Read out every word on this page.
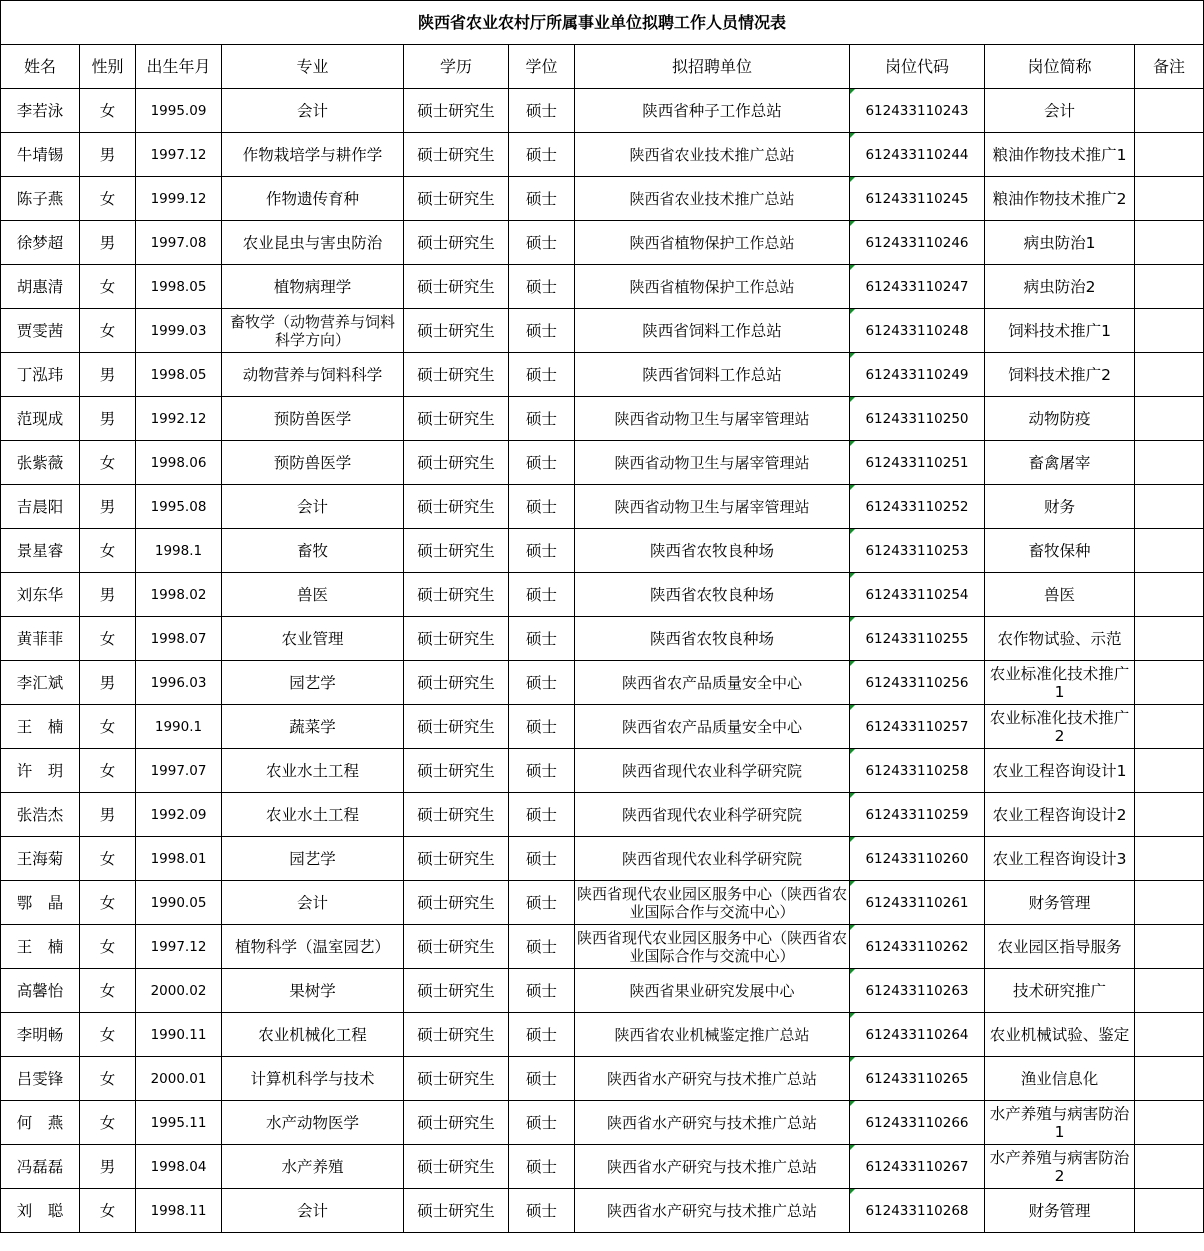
陕西省农业农村厅所属事业单位拟聘工作人员情况表									
姓名	性别	出生年月	专业	学历	学位	拟招聘单位	岗位代码	岗位简称	备注
李若泳	女	1995.09	会计	硕士研究生	硕士	陕西省种子工作总站	612433110243	会计	
牛埥锡	男	1997.12	作物栽培学与耕作学	硕士研究生	硕士	陕西省农业技术推广总站	612433110244	粮油作物技术推广1	
陈子燕	女	1999.12	作物遗传育种	硕士研究生	硕士	陕西省农业技术推广总站	612433110245	粮油作物技术推广2	
徐梦超	男	1997.08	农业昆虫与害虫防治	硕士研究生	硕士	陕西省植物保护工作总站	612433110246	病虫防治1	
胡惠清	女	1998.05	植物病理学	硕士研究生	硕士	陕西省植物保护工作总站	612433110247	病虫防治2	
贾雯茜	女	1999.03	畜牧学（动物营养与饲料科学方向）	硕士研究生	硕士	陕西省饲料工作总站	612433110248	饲料技术推广1	
丁泓玮	男	1998.05	动物营养与饲料科学	硕士研究生	硕士	陕西省饲料工作总站	612433110249	饲料技术推广2	
范现成	男	1992.12	预防兽医学	硕士研究生	硕士	陕西省动物卫生与屠宰管理站	612433110250	动物防疫	
张紫薇	女	1998.06	预防兽医学	硕士研究生	硕士	陕西省动物卫生与屠宰管理站	612433110251	畜禽屠宰	
吉晨阳	男	1995.08	会计	硕士研究生	硕士	陕西省动物卫生与屠宰管理站	612433110252	财务	
景星睿	女	1998.1	畜牧	硕士研究生	硕士	陕西省农牧良种场	612433110253	畜牧保种	
刘东华	男	1998.02	兽医	硕士研究生	硕士	陕西省农牧良种场	612433110254	兽医	
黄菲菲	女	1998.07	农业管理	硕士研究生	硕士	陕西省农牧良种场	612433110255	农作物试验、示范	
李汇斌	男	1996.03	园艺学	硕士研究生	硕士	陕西省农产品质量安全中心	612433110256	农业标准化技术推广1	
王　楠	女	1990.1	蔬菜学	硕士研究生	硕士	陕西省农产品质量安全中心	612433110257	农业标准化技术推广2	
许　玥	女	1997.07	农业水土工程	硕士研究生	硕士	陕西省现代农业科学研究院	612433110258	农业工程咨询设计1	
张浩杰	男	1992.09	农业水土工程	硕士研究生	硕士	陕西省现代农业科学研究院	612433110259	农业工程咨询设计2	
王海菊	女	1998.01	园艺学	硕士研究生	硕士	陕西省现代农业科学研究院	612433110260	农业工程咨询设计3	
鄂　晶	女	1990.05	会计	硕士研究生	硕士	陕西省现代农业园区服务中心（陕西省农业国际合作与交流中心）	612433110261	财务管理	
王　楠	女	1997.12	植物科学（温室园艺）	硕士研究生	硕士	陕西省现代农业园区服务中心（陕西省农业国际合作与交流中心）	612433110262	农业园区指导服务	
高馨怡	女	2000.02	果树学	硕士研究生	硕士	陕西省果业研究发展中心	612433110263	技术研究推广	
李明畅	女	1990.11	农业机械化工程	硕士研究生	硕士	陕西省农业机械鉴定推广总站	612433110264	农业机械试验、鉴定	
吕雯锋	女	2000.01	计算机科学与技术	硕士研究生	硕士	陕西省水产研究与技术推广总站	612433110265	渔业信息化	
何　燕	女	1995.11	水产动物医学	硕士研究生	硕士	陕西省水产研究与技术推广总站	612433110266	水产养殖与病害防治1	
冯磊磊	男	1998.04	水产养殖	硕士研究生	硕士	陕西省水产研究与技术推广总站	612433110267	水产养殖与病害防治2	
刘　聪	女	1998.11	会计	硕士研究生	硕士	陕西省水产研究与技术推广总站	612433110268	财务管理	
